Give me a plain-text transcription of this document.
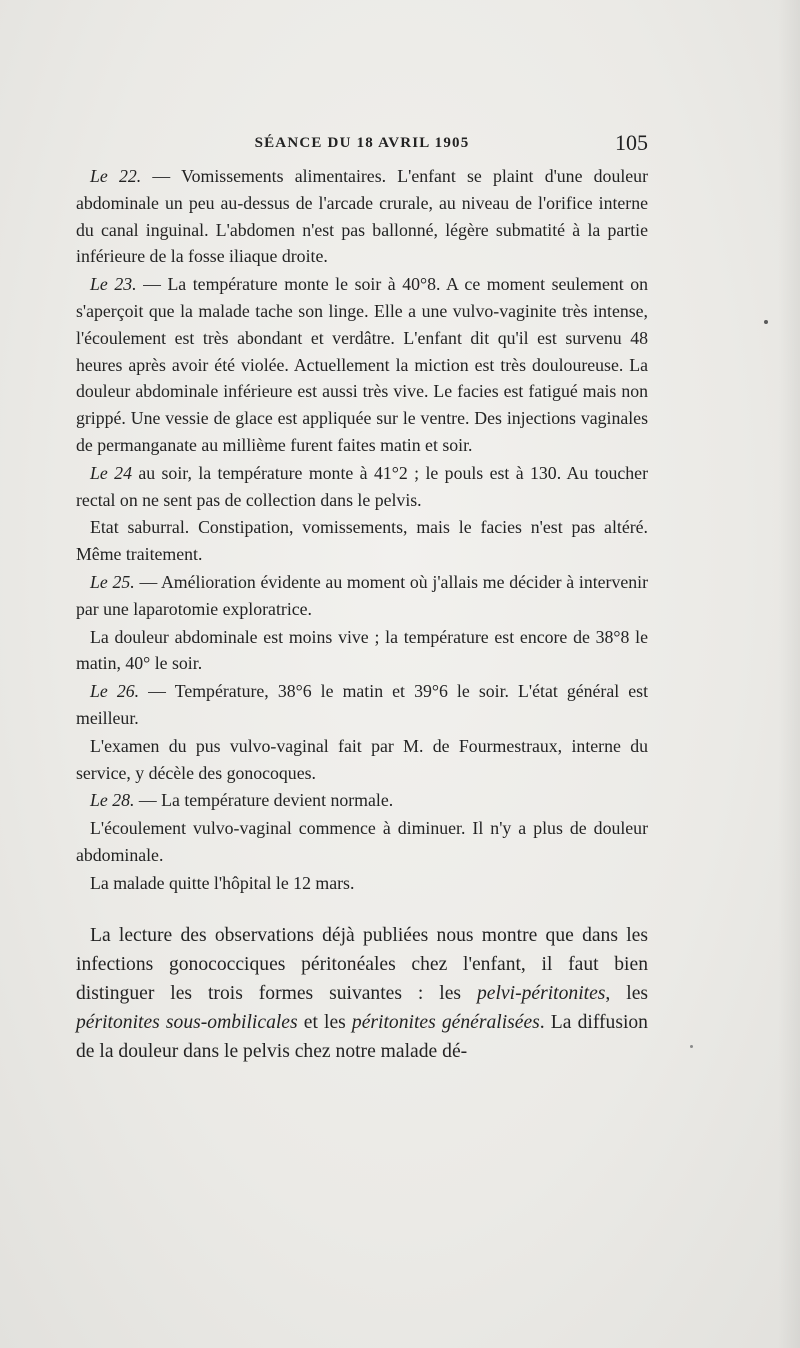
SÉANCE DU 18 AVRIL 1905	105

Le 22. — Vomissements alimentaires. L'enfant se plaint d'une douleur abdominale un peu au-dessus de l'arcade crurale, au niveau de l'orifice interne du canal inguinal. L'abdomen n'est pas ballonné, légère submatité à la partie inférieure de la fosse iliaque droite.

Le 23. — La température monte le soir à 40°8. A ce moment seulement on s'aperçoit que la malade tache son linge. Elle a une vulvo-vaginite très intense, l'écoulement est très abondant et verdâtre. L'enfant dit qu'il est survenu 48 heures après avoir été violée. Actuellement la miction est très douloureuse. La douleur abdominale inférieure est aussi très vive. Le facies est fatigué mais non grippé. Une vessie de glace est appliquée sur le ventre. Des injections vaginales de permanganate au millième furent faites matin et soir.

Le 24 au soir, la température monte à 41°2 ; le pouls est à 130. Au toucher rectal on ne sent pas de collection dans le pelvis.

Etat saburral. Constipation, vomissements, mais le facies n'est pas altéré. Même traitement.

Le 25. — Amélioration évidente au moment où j'allais me décider à intervenir par une laparotomie exploratrice.

La douleur abdominale est moins vive ; la température est encore de 38°8 le matin, 40° le soir.

Le 26. — Température, 38°6 le matin et 39°6 le soir. L'état général est meilleur.

L'examen du pus vulvo-vaginal fait par M. de Fourmestraux, interne du service, y décèle des gonocoques.

Le 28. — La température devient normale.

L'écoulement vulvo-vaginal commence à diminuer. Il n'y a plus de douleur abdominale.

La malade quitte l'hôpital le 12 mars.

La lecture des observations déjà publiées nous montre que dans les infections gonococciques péritonéales chez l'enfant, il faut bien distinguer les trois formes suivantes : les pelvi-péritonites, les péritonites sous-ombilicales et les péritonites généralisées. La diffusion de la douleur dans le pelvis chez notre malade dé-
